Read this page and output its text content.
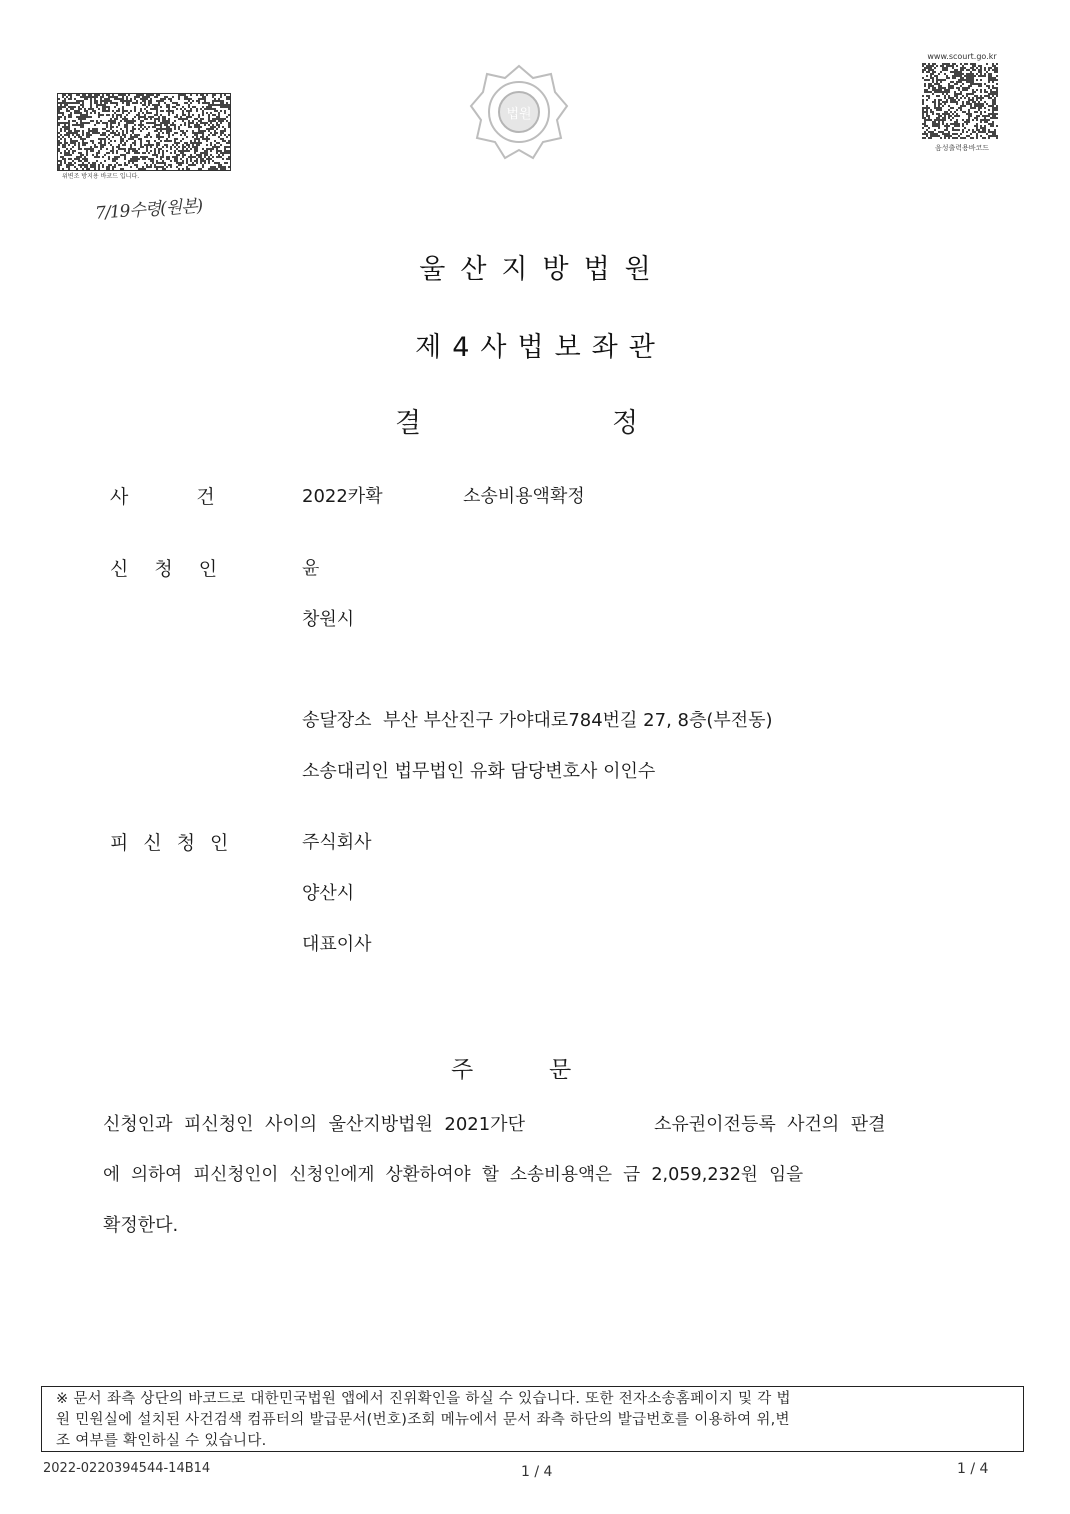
위변조 방지용 바코드 입니다.
7/19수령(원본)
법원
www.scourt.go.kr
음성출력용바코드
울산지방법원
제4사법보좌관
결	정
사건 2022카확	소송비용액확정
신청인	윤
창원시
송달장소  부산 부산진구 가야대로784번길 27, 8층(부전동)
소송대리인 법무법인 유화 담당변호사 이인수
피신청인	주식회사
양산시
대표이사
주	문
신청인과  피신청인  사이의  울산지방법원  2021가단	소유권이전등록  사건의  판결
에  의하여  피신청인이  신청인에게  상환하여야  할  소송비용액은  금  2,059,232원  임을
확정한다.
※ 문서 좌측 상단의 바코드로 대한민국법원 앱에서 진위확인을 하실 수 있습니다. 또한 전자소송홈페이지 및 각 법
원 민원실에 설치된 사건검색 컴퓨터의 발급문서(번호)조회 메뉴에서 문서 좌측 하단의 발급번호를 이용하여 위,변
조 여부를 확인하실 수 있습니다.
2022-0220394544-14B14	1 / 4	1 / 4
